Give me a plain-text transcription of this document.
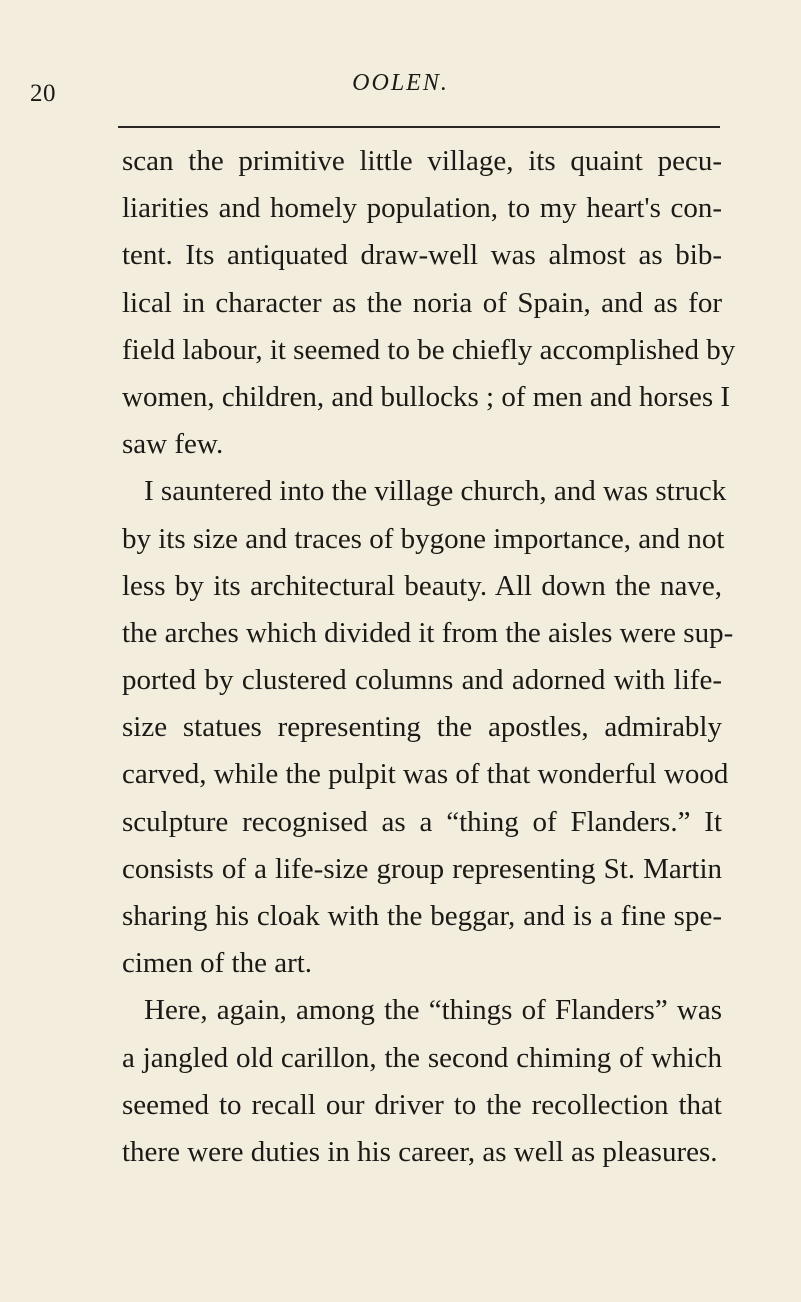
20	OOLEN.
scan the primitive little village, its quaint pecu-
liarities and homely population, to my heart's con-
tent. Its antiquated draw-well was almost as bib-
lical in character as the noria of Spain, and as for
field labour, it seemed to be chiefly accomplished by
women, children, and bullocks ; of men and horses I
saw few.
I sauntered into the village church, and was struck
by its size and traces of bygone importance, and not
less by its architectural beauty. All down the nave,
the arches which divided it from the aisles were sup-
ported by clustered columns and adorned with life-
size statues representing the apostles, admirably
carved, while the pulpit was of that wonderful wood
sculpture recognised as a “thing of Flanders.” It
consists of a life-size group representing St. Martin
sharing his cloak with the beggar, and is a fine spe-
cimen of the art.
Here, again, among the “things of Flanders” was
a jangled old carillon, the second chiming of which
seemed to recall our driver to the recollection that
there were duties in his career, as well as pleasures.
